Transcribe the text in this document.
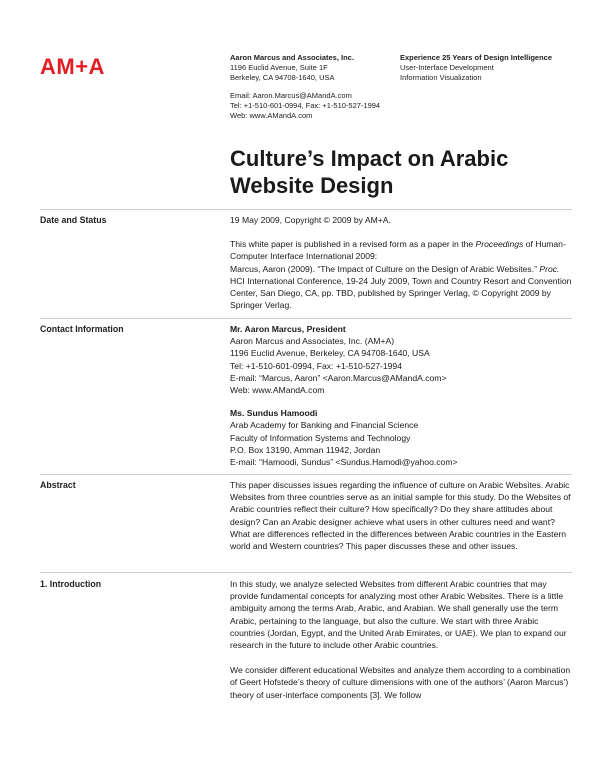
AM+A	Aaron Marcus and Associates, Inc.
1196 Euclid Avenue, Suite 1F
Berkeley, CA 94708-1640, USA
Email: Aaron.Marcus@AMandA.com
Tel: +1-510-601-0994, Fax: +1-510-527-1994
Web: www.AMandA.com
Experience 25 Years of Design Intelligence
User-Interface Development
Information Visualization
Culture’s Impact on Arabic
Website Design
Date and Status	19 May 2009, Copyright © 2009 by AM+A.

This white paper is published in a revised form as a paper in the Proceedings of Human-Computer Interface International 2009:

Marcus, Aaron (2009). “The Impact of Culture on the Design of Arabic Websites.” Proc. HCI International Conference, 19-24 July 2009, Town and Country Resort and Convention Center, San Diego, CA, pp. TBD, published by Springer Verlag, © Copyright 2009 by Springer Verlag.

Contact Information	Mr. Aaron Marcus, President

Aaron Marcus and Associates, Inc. (AM+A)

1196 Euclid Avenue, Berkeley, CA 94708-1640, USA

Tel: +1-510-601-0994, Fax: +1-510-527-1994

E-mail: “Marcus, Aaron” <Aaron.Marcus@AMandA.com>

Web: www.AMandA.com

Ms. Sundus Hamoodi

Arab Academy for Banking and Financial Science

Faculty of Information Systems and Technology

P.O. Box 13190, Amman 11942, Jordan

E-mail: “Hamoodi, Sundus” <Sundus.Hamodi@yahoo.com>

Abstract	This paper discusses issues regarding the influence of culture on Arabic Websites. Arabic Websites from three countries serve as an initial sample for this study. Do the Websites of Arabic countries reflect their culture? How specifically? Do they share attitudes about design? Can an Arabic designer achieve what users in other cultures need and want? What are differences reflected in the differences between Arabic countries in the Eastern world and Western countries? This paper discusses these and other issues.

1. Introduction	In this study, we analyze selected Websites from different Arabic countries that may provide fundamental concepts for analyzing most other Arabic Websites. There is a little ambiguity among the terms Arab, Arabic, and Arabian. We shall generally use the term Arabic, pertaining to the language, but also the culture. We start with three Arabic countries (Jordan, Egypt, and the United Arab Emirates, or UAE). We plan to expand our research in the future to include other Arabic countries.

We consider different educational Websites and analyze them according to a combination of Geert Hofstede’s theory of culture dimensions with one of the authors’ (Aaron Marcus’) theory of user-interface components [3]. We follow
